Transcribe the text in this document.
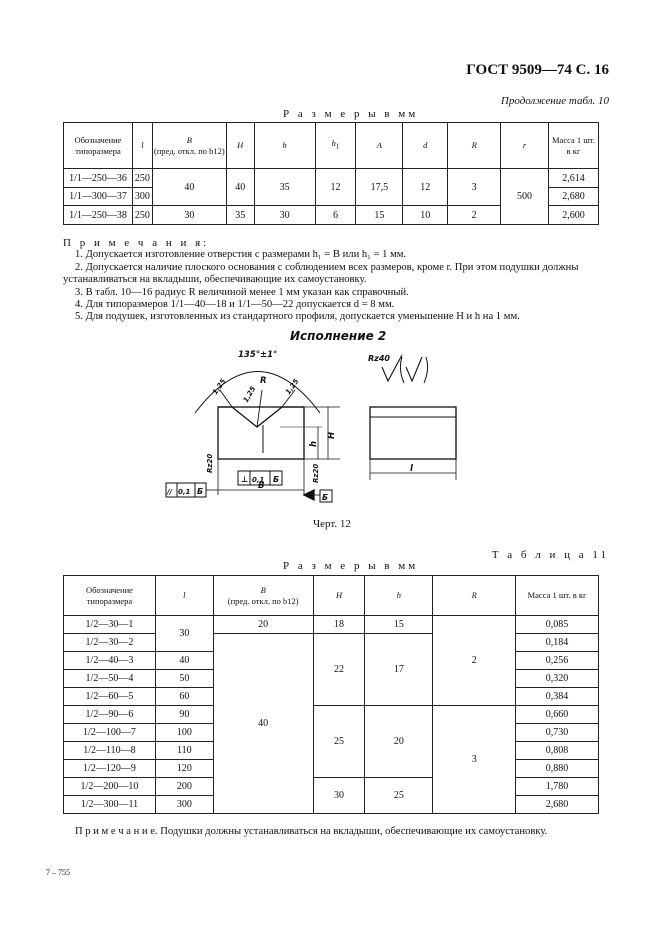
ГОСТ 9509—74 С. 16
Продолжение табл. 10
Р а з м е р ы в мм
Обозначение типоразмера	l	B
(пред. откл. по b12)	H	h	$h_1$	A	d	R	r	Масса 1 шт. в кг
1/1—250—36	250	40	40	35	12	17,5	12	3	500	2,614
1/1—300—37	300									2,680
1/1—250—38	250	30	35	30	6	15	10	2		2,600

П р и м е ч а н и я:

1. Допускается изготовление отверстия с размерами h₁ = B или h₁ = 1 мм.

2. Допускается наличие плоского основания с соблюдением всех размеров, кроме r. При этом подушки должны устанавливаться на вкладыши, обеспечивающие их самоустановку.

3. В табл. 10—16 радиус R величиной менее 1 мм указан как справочный.

4. Для типоразмеров 1/1—40—18 и 1/1—50—22 допускается d = 8 мм.

5. Для подушек, изготовленных из стандартного профиля, допускается уменьшение H и h на 1 мм.

Исполнение 2
135°±1°
1,25	1,25
1,25
R
h
H
B
l
Rz40
Rz20
Rz20
⊥ 0,1 Б
// 0,1 Б
Б
Черт. 12
Т а б л и ц а 11
Р а з м е р ы в мм
Обозначение типоразмера	l	B
(пред. откл. по b12)	H	h	R	Масса 1 шт. в кг
1/2—30—1	30	20	18	15	2	0,085
1/2—30—2		40	22	17		0,184
1/2—40—3	40					0,256
1/2—50—4	50					0,320
1/2—60—5	60					0,384
1/2—90—6	90		25	20	3	0,660
1/2—100—7	100					0,730
1/2—110—8	110					0,808
1/2—120—9	120					0,880
1/2—200—10	200		30	25		1,780
1/2—300—11	300					2,680

П р и м е ч а н и е. Подушки должны устанавливаться на вкладыши, обеспечивающие их самоустановку.

7 – 755
